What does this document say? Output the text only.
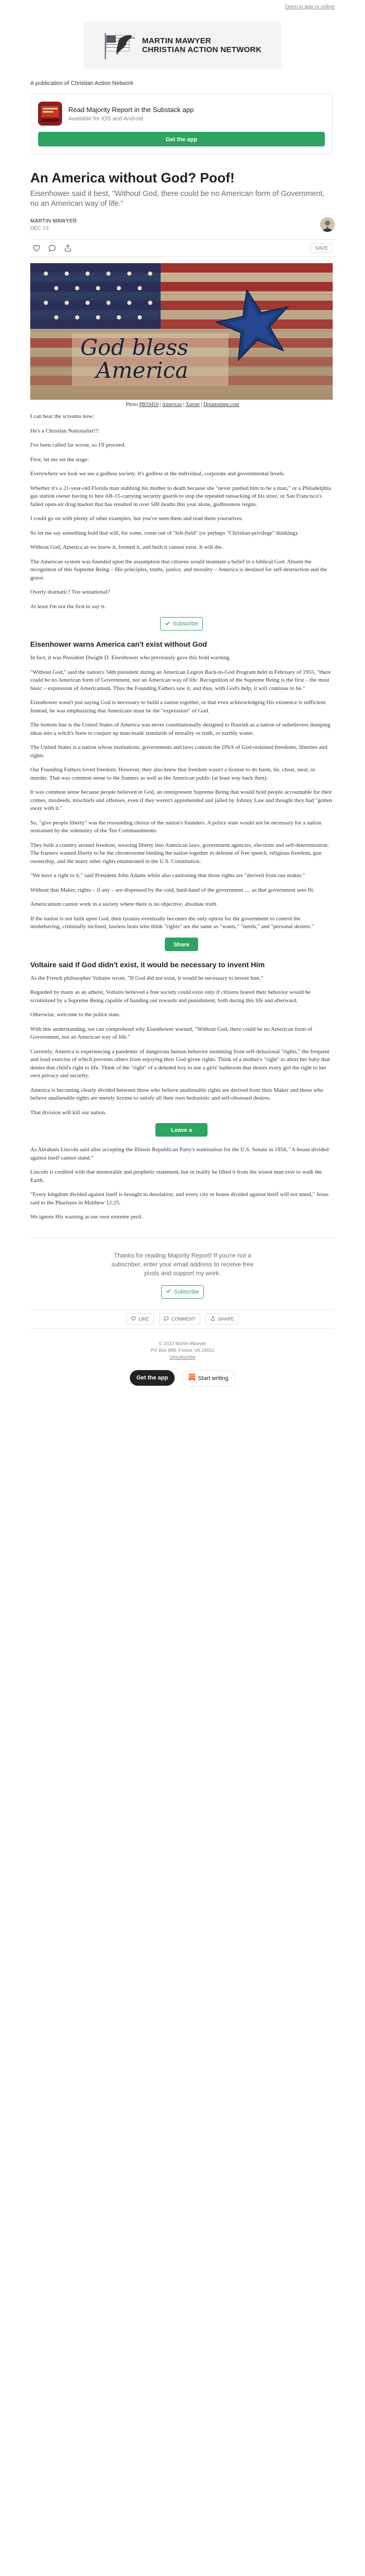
Open in app or online
MARTIN MAWYER
CHRISTIAN ACTION NETWORK
A publication of Christian Action Network
Read Majority Report in the Substack app
Available for iOS and Android
Get the app
An America without God? Poof!
Eisenhower said it best, "Without God, there could be no American form of Government, no an American way of life."
MARTIN MAWYER
DEC 13
SAVE
God bless
America
Photo PB59416 | Americas | Xavier | Dreamstime.com

I can hear the screams now:

He's a Christian Nationalist!!!

I've been called far worse, so I'll proceed.

First, let me set the stage:

Everywhere we look we see a godless society. It's godless at the individual, corporate and governmental levels.

Whether it's a 21-year-old Florida man stabbing his mother to death because she "never pushed him to be a man," or a Philadelphia gas station owner having to hire AR-15-carrying security guards to stop the repeated ransacking of his store, or San Francisco's failed open-air drug market that has resulted in over 500 deaths this year alone, godlessness reigns.

I could go on with plenty of other examples, but you've seen them and read them yourselves.

So let me say something bold that will, for some, come out of "left-field" (or perhaps "Christian-privilege" thinking).

Without God, America as we know it, formed it, and built it cannot exist. It will die.

The American system was founded upon the assumption that citizens would maintain a belief in a biblical God. Absent the recognition of this Supreme Being – His principles, truths, justice, and morality – America is destined for self-destruction and the grave.

Overly dramatic? Too sensational?

At least I'm not the first to say it.

Subscribe
Eisenhower warns America can't exist without God

In fact, it was President Dwight D. Eisenhower who previously gave this bold warning.

"Without God," said the nation's 34th president during an American Legion Back-to-God Program held in February of 1955, "there could be no American form of Government, nor an American way of life. Recognition of the Supreme Being is the first – the most basic – expression of Americanism. Thus the Founding Fathers saw it, and thus, with God's help, it will continue to be."

Eisenhower wasn't just saying God is necessary to build a nation together, or that even acknowledging His existence is sufficient. Instead, he was emphasizing that Americans must be the "expression" of God.

The bottom line is the United States of America was never constitutionally designed to flourish as a nation of unbelievers dumping ideas into a witch's brew to conjure up man-made standards of morality or truth, or earthly wants.

The United States is a nation whose institutions, governments and laws contain the DNA of God-ordained freedoms, liberties and rights.

Our Founding Fathers loved freedom. However, they also knew that freedom wasn't a license to do harm, lie, cheat, steal, or murder. That was common sense to the framers as well as the American public (at least way back then).

It was common sense because people believed in God, an omnipresent Supreme Being that would hold people accountable for their crimes, misdeeds, mischiefs and offenses, even if they weren't apprehended and jailed by Johnny Law and thought they had "gotten away with it."

So, "give people liberty" was the resounding chorus of the nation's founders. A police state would not be necessary for a nation restrained by the solemnity of the Ten Commandments.

They built a country around freedom, weaving liberty into American laws, government agencies, elections and self-determination. The framers wanted liberty to be the chromosome binding the nation together in defense of free speech, religious freedom, gun ownership, and the many other rights enumerated in the U.S. Constitution.

"We have a right to it," said President John Adams while also cautioning that those rights are "derived from our maker."

Without that Maker, rights – if any – are dispensed by the cold, hard-hand of the government … as that government sees fit.

Americanism cannot work in a society where there is no objective, absolute truth.

If the nation is not built upon God, then tyranny eventually becomes the only option for the government to control the misbehaving, criminally inclined, lawless brats who think "rights" are the same as "wants," "needs," and "personal desires."

Share
Voltaire said if God didn't exist, it would be necessary to invent Him

As the French philosopher Voltaire wrote, "If God did not exist, it would be necessary to invent him."

Regarded by many as an atheist, Voltaire believed a free society could exist only if citizens feared their behavior would be scrutinized by a Supreme Being capable of handing out rewards and punishment, both during this life and afterward.

Otherwise, welcome to the police state.

With this understanding, we can comprehend why Eisenhower warned, "Without God, there could be no American form of Government, nor an American way of life."

Currently, America is experiencing a pandemic of dangerous human behavior stemming from self-delusional "rights," the frequent and loud exercise of which prevents others from enjoying their God-given rights. Think of a mother's "right" to abort her baby that denies that child's right to life. Think of the "right" of a deluded boy to use a girls' bathroom that denies every girl the right to her own privacy and security.

America is becoming clearly divided between those who believe unalienable rights are derived from their Maker and those who believe unalienable rights are merely license to satisfy all their own hedonistic and self-obsessed desires.

That division will kill our nation.

Leave a comment

As Abraham Lincoln said after accepting the Illinois Republican Party's nomination for the U.S. Senate in 1858, "A house divided against itself cannot stand."

Lincoln is credited with that memorable and prophetic statement, but in reality he lifted it from the wisest man ever to walk the Earth.

"Every kingdom divided against itself is brought to desolation; and every city or house divided against itself will not stand," Jesus said to the Pharisees in Matthew 12:25.

We ignore His warning at our own extreme peril.

Thanks for reading Majority Report! If you're not a subscriber, enter your email address to receive free posts and support my work.
Subscribe
LIKE	COMMENT	SHARE
© 2023 Martin Mawyer
PO Box 888, Forest, VA 24551
Unsubscribe
Get the app	Start writing
